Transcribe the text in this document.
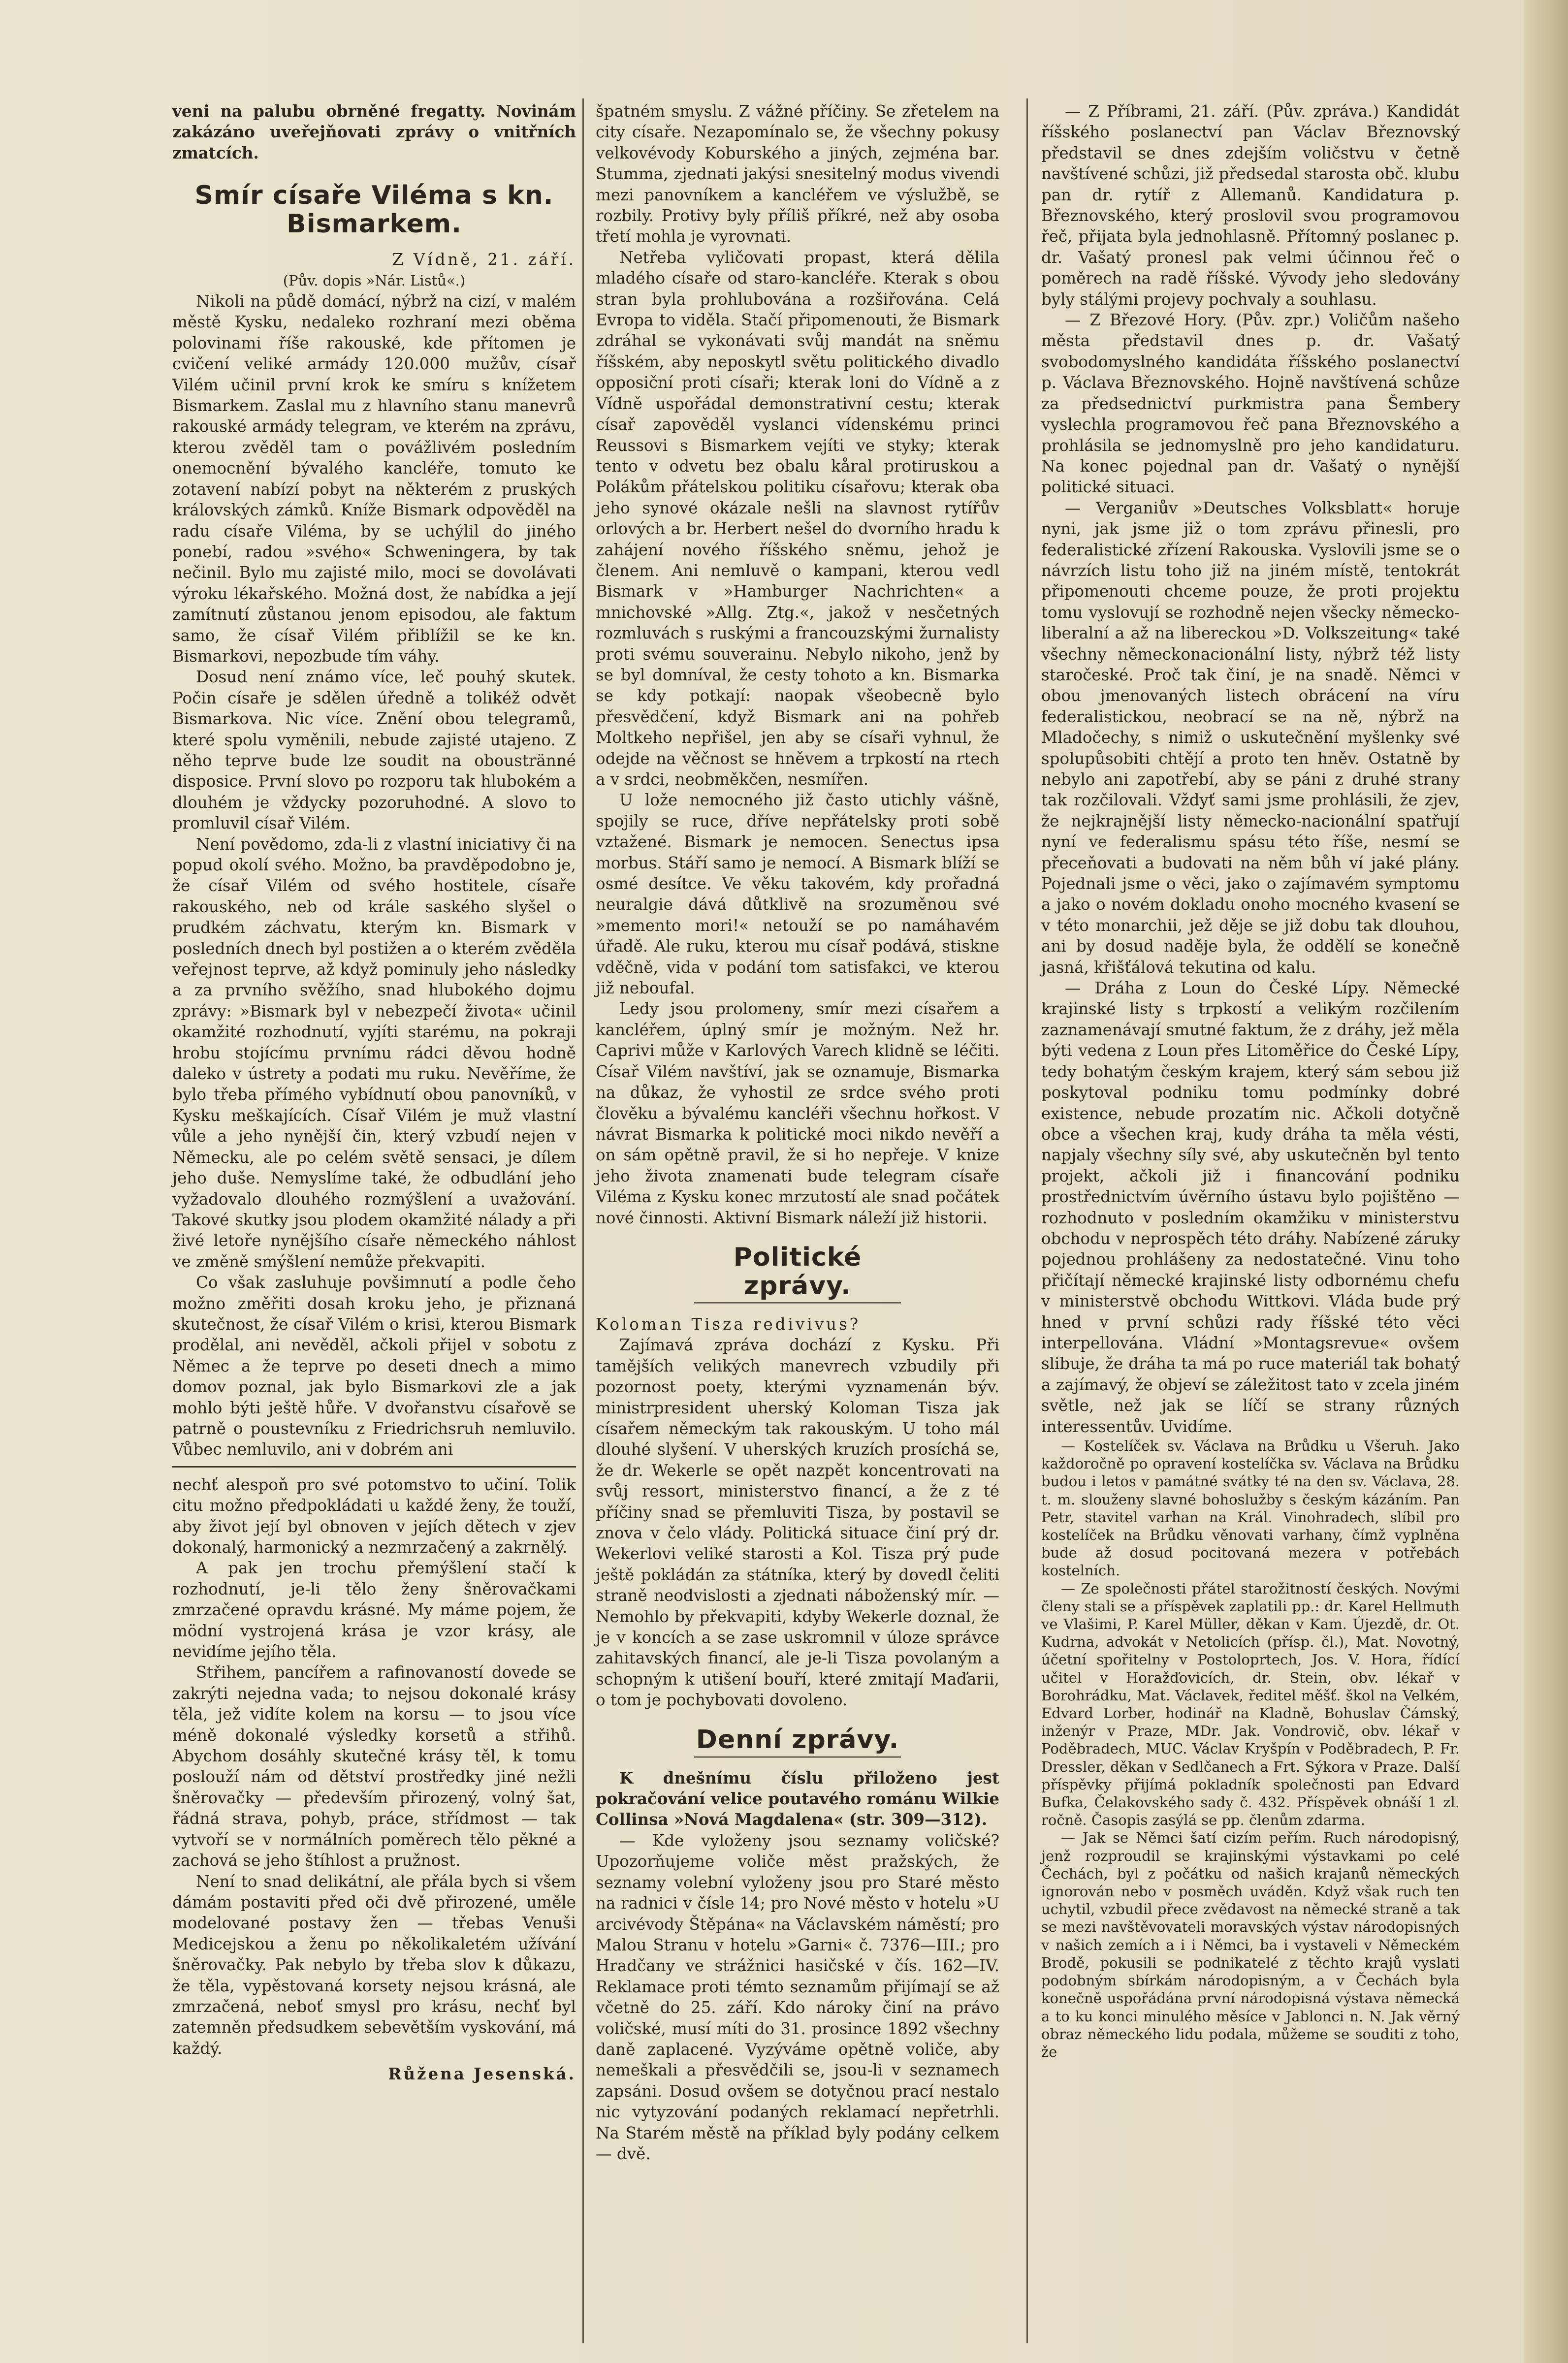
veni na palubu obrněné fregatty. Novinám zakázáno uveřejňovati zprávy o vnitřních zmatcích.

Smír císaře Viléma s kn. Bismarkem.

Z Vídně, 21. září.

(Pův. dopis »Nár. Listů«.)

Nikoli na půdě domácí, nýbrž na cizí, v malém městě Kysku, nedaleko rozhraní mezi oběma polovinami říše rakouské, kde přítomen je cvičení veliké armády 120.000 mužův, císař Vilém učinil první krok ke smíru s knížetem Bismarkem. Zaslal mu z hlavního stanu manevrů rakouské armády telegram, ve kterém na zprávu, kterou zvěděl tam o povážlivém posledním onemocnění bývalého kancléře, tomuto ke zotavení nabízí pobyt na některém z pruských královských zámků. Kníže Bismark odpověděl na radu císaře Viléma, by se uchýlil do jiného ponebí, radou »svého« Schweningera, by tak nečinil. Bylo mu zajisté milo, moci se dovolávati výroku lékařského. Možná dost, že nabídka a její zamítnutí zůstanou jenom episodou, ale faktum samo, že císař Vilém přiblížil se ke kn. Bismarkovi, nepozbude tím váhy.

Dosud není známo více, leč pouhý skutek. Počin císaře je sdělen úředně a tolikéž odvět Bismarkova. Nic více. Znění obou telegramů, které spolu vyměnili, nebude zajisté utajeno. Z něho teprve bude lze soudit na oboustränné disposice. První slovo po rozporu tak hlubokém a dlouhém je vždycky pozoruhodné. A slovo to promluvil císař Vilém.

Není povědomo, zda-li z vlastní iniciativy či na popud okolí svého. Možno, ba pravděpodobno je, že císař Vilém od svého hostitele, císaře rakouského, neb od krále saského slyšel o prudkém záchvatu, kterým kn. Bismark v posledních dnech byl postižen a o kterém zvěděla veřejnost teprve, až když pominuly jeho následky a za prvního svěžího, snad hlubokého dojmu zprávy: »Bismark byl v nebezpečí života« učinil okamžité rozhodnutí, vyjíti starému, na pokraji hrobu stojícímu prvnímu rádci děvou hodně daleko v ústrety a podati mu ruku. Nevěříme, že bylo třeba přímého vybídnutí obou panovníků, v Kysku meškajících. Císař Vilém je muž vlastní vůle a jeho nynější čin, který vzbudí nejen v Německu, ale po celém světě sensaci, je dílem jeho duše. Nemyslíme také, že odbudlání jeho vyžadovalo dlouhého rozmýšlení a uvažování. Takové skutky jsou plodem okamžité nálady a při živé letoře nynějšího císaře německého náhlost ve změně smýšlení nemůže překvapiti.

Co však zasluhuje povšimnutí a podle čeho možno změřiti dosah kroku jeho, je přiznaná skutečnost, že císař Vilém o krisi, kterou Bismark prodělal, ani nevěděl, ačkoli přijel v sobotu z Němec a že teprve po deseti dnech a mimo domov poznal, jak bylo Bismarkovi zle a jak mohlo býti ještě hůře. V dvořanstvu císařově se patrně o poustevníku z Friedrichsruh nemluvilo. Vůbec nemluvilo, ani v dobrém ani

nechť alespoň pro své potomstvo to učiní. Tolik citu možno předpokládati u každé ženy, že touží, aby život její byl obnoven v jejích dětech v zjev dokonalý, harmonický a nezmrzačený a zakrnělý.

A pak jen trochu přemýšlení stačí k rozhodnutí, je-li tělo ženy šněrovačkami zmrzačené opravdu krásné. My máme pojem, že mödní vystrojená krása je vzor krásy, ale nevidíme jejího těla.

Střihem, pancířem a rafinovaností dovede se zakrýti nejedna vada; to nejsou dokonalé krásy těla, jež vidíte kolem na korsu — to jsou více méně dokonalé výsledky korsetů a střihů. Abychom dosáhly skutečné krásy těl, k tomu poslouží nám od dětství prostředky jiné nežli šněrovačky — především přirozený, volný šat, řádná strava, pohyb, práce, střídmost — tak vytvoří se v normálních poměrech tělo pěkné a zachová se jeho štíhlost a pružnost.

Není to snad delikátní, ale přála bych si všem dámám postaviti před oči dvě přirozené, uměle modelované postavy žen — třebas Venuši Medicejskou a ženu po několikaletém užívání šněrovačky. Pak nebylo by třeba slov k důkazu, že těla, vypěstovaná korsety nejsou krásná, ale zmrzačená, neboť smysl pro krásu, nechť byl zatemněn předsudkem sebevětším vyskování, má každý.

Růžena Jesenská.

špatném smyslu. Z vážné příčiny. Se zřetelem na city císaře. Nezapomínalo se, že všechny pokusy velkovévody Koburského a jiných, zejména bar. Stumma, zjednati jakýsi snesitelný modus vivendi mezi panovníkem a kancléřem ve výslužbě, se rozbily. Protivy byly příliš příkré, než aby osoba třetí mohla je vyrovnati.

Netřeba vyličovati propast, která dělila mladého císaře od staro-kancléře. Kterak s obou stran byla prohlubována a rozšiřována. Celá Evropa to viděla. Stačí připomenouti, že Bismark zdráhal se vykonávati svůj mandát na sněmu říšském, aby neposkytl světu politického divadlo opposiční proti císaři; kterak loni do Vídně a z Vídně uspořádal demonstrativní cestu; kterak císař zapověděl vyslanci vídenskému princi Reussovi s Bismarkem vejíti ve styky; kterak tento v odvetu bez obalu kåral protiruskou a Polákům přátelskou politiku císařovu; kterak oba jeho synové okázale nešli na slavnost rytířův orlových a br. Herbert nešel do dvorního hradu k zahájení nového říšského sněmu, jehož je členem. Ani nemluvě o kampani, kterou vedl Bismark v »Hamburger Nachrichten« a mnichovské »Allg. Ztg.«, jakož v nesčetných rozmluvách s ruskými a francouzskými žurnalisty proti svému souverainu. Nebylo nikoho, jenž by se byl domníval, že cesty tohoto a kn. Bismarka se kdy potkají: naopak všeobecně bylo přesvědčení, když Bismark ani na pohřeb Moltkeho nepřišel, jen aby se císaři vyhnul, že odejde na věčnost se hněvem a trpkostí na rtech a v srdci, neobměkčen, nesmířen.

U lože nemocného již často utichly vášně, spojily se ruce, dříve nepřátelsky proti sobě vztažené. Bismark je nemocen. Senectus ipsa morbus. Stáří samo je nemocí. A Bismark blíží se osmé desítce. Ve věku takovém, kdy prořadná neuralgie dává důtklivě na srozuměnou své »memento mori!« netouží se po namáhavém úřadě. Ale ruku, kterou mu císař podává, stiskne vděčně, vida v podání tom satisfakci, ve kterou již neboufal.

Ledy jsou prolomeny, smír mezi císařem a kancléřem, úplný smír je možným. Než hr. Caprivi může v Karlových Varech klidně se léčiti. Císař Vilém navštíví, jak se oznamuje, Bismarka na důkaz, že vyhostil ze srdce svého proti člověku a bývalému kancléři všechnu hořkost. V návrat Bismarka k politické moci nikdo nevěří a on sám opětně pravil, že si ho nepřeje. V knize jeho života znamenati bude telegram císaře Viléma z Kysku konec mrzutostí ale snad počátek nové činnosti. Aktivní Bismark náleží již historii.

Politické zprávy.

Koloman Tisza redivivus?

Zajímavá zpráva dochází z Kysku. Při tamějších velikých manevrech vzbudily při pozornost poety, kterými vyznamenán býv. ministrpresident uherský Koloman Tisza jak císařem německým tak rakouským. U toho mál dlouhé slyšení. V uherských kruzích prosíchá se, že dr. Wekerle se opět nazpět koncentrovati na svůj ressort, ministerstvo financí, a že z té příčiny snad se přemluviti Tisza, by postavil se znova v čelo vlády. Politická situace činí prý dr. Wekerlovi veliké starosti a Kol. Tisza prý pude ještě pokládán za státníka, který by dovedl čeliti straně neodvislosti a zjednati náboženský mír. — Nemohlo by překvapiti, kdyby Wekerle doznal, že je v koncích a se zase uskromnil v úloze správce zahitavských financí, ale je-li Tisza povolaným a schopným k utišení bouří, které zmitají Maďarii, o tom je pochybovati dovoleno.

Denní zprávy.

K dnešnímu číslu přiloženo jest pokračování velice poutavého románu Wilkie Collinsa »Nová Magdalena« (str. 309—312).

— Kde vyloženy jsou seznamy voličské? Upozorňujeme voliče měst pražských, že seznamy volební vyloženy jsou pro Staré město na radnici v čísle 14; pro Nové město v hotelu »U arcivévody Štěpána« na Václavském náměstí; pro Malou Stranu v hotelu »Garni« č. 7376—III.; pro Hradčany ve strážnici hasičské v čís. 162—IV. Reklamace proti témto seznamům přijímají se až včetně do 25. září. Kdo nároky činí na právo voličské, musí míti do 31. prosince 1892 všechny daně zaplacené. Vyzýváme opětně voliče, aby nemeškali a přesvědčili se, jsou-li v seznamech zapsáni. Dosud ovšem se dotyčnou prací nestalo nic vytyzování podaných reklamací nepřetrhli. Na Starém městě na příklad byly podány celkem — dvě.

— Z Příbrami, 21. září. (Pův. zpráva.) Kandidát říšského poslanectví pan Václav Březnovský představil se dnes zdejším voličstvu v četně navštívené schůzi, již předsedal starosta obč. klubu pan dr. rytíř z Allemanů. Kandidatura p. Březnovského, který proslovil svou programovou řeč, přijata byla jednohlasně. Přítomný poslanec p. dr. Vašatý pronesl pak velmi účinnou řeč o poměrech na radě říšské. Vývody jeho sledovány byly stálými projevy pochvaly a souhlasu.

— Z Březové Hory. (Pův. zpr.) Voličům našeho města představil dnes p. dr. Vašatý svobodomyslného kandidáta říšského poslanectví p. Václava Březnovského. Hojně navštívená schůze za předsednictví purkmistra pana Šembery vyslechla programovou řeč pana Březnovského a prohlásila se jednomyslně pro jeho kandidaturu. Na konec pojednal pan dr. Vašatý o nynější politické situaci.

— Verganiův »Deutsches Volksblatt« horuje nyni, jak jsme již o tom zprávu přinesli, pro federalistické zřízení Rakouska. Vyslovili jsme se o návrzích listu toho již na jiném místě, tentokrát připomenouti chceme pouze, že proti projektu tomu vyslovují se rozhodně nejen všecky německo-liberalní a až na libereckou »D. Volkszeitung« také všechny německonacionální listy, nýbrž též listy staročeské. Proč tak činí, je na snadě. Němci v obou jmenovaných listech obrácení na víru federalistickou, neobrací se na ně, nýbrž na Mladočechy, s nimiž o uskutečnění myšlenky své spolupůsobiti chtějí a proto ten hněv. Ostatně by nebylo ani zapotřebí, aby se páni z druhé strany tak rozčilovali. Vždyť sami jsme prohlásili, že zjev, že nejkrajnější listy německo-nacionální spatřují nyní ve federalismu spásu této říše, nesmí se přeceňovati a budovati na něm bůh ví jaké plány. Pojednali jsme o věci, jako o zajímavém symptomu a jako o novém dokladu onoho mocného kvasení se v této monarchii, jež děje se již dobu tak dlouhou, ani by dosud naděje byla, že oddělí se konečně jasná, křišťálová tekutina od kalu.

— Dráha z Loun do České Lípy. Německé krajinské listy s trpkostí a velikým rozčilením zaznamenávají smutné faktum, že z dráhy, jež měla býti vedena z Loun přes Litoměřice do České Lípy, tedy bohatým českým krajem, který sám sebou již poskytoval podniku tomu podmínky dobré existence, nebude prozatím nic. Ačkoli dotyčně obce a všechen kraj, kudy dráha ta měla vésti, napjaly všechny síly své, aby uskutečněn byl tento projekt, ačkoli již i financování podniku prostřednictvím úvěrního ústavu bylo pojištěno — rozhodnuto v posledním okamžiku v ministerstvu obchodu v neprospěch této dráhy. Nabízené záruky pojednou prohlášeny za nedostatečné. Vinu toho přičítají německé krajinské listy odbornému chefu v ministerstvě obchodu Wittkovi. Vláda bude prý hned v první schůzi rady říšské této věci interpellována. Vládní »Montagsrevue« ovšem slibuje, že dráha ta má po ruce materiál tak bohatý a zajímavý, že objeví se záležitost tato v zcela jiném světle, než jak se líčí se strany různých interessentův. Uvidíme.

— Kostelíček sv. Václava na Brůdku u Všeruh. Jako každoročně po opravení kostelíčka sv. Václava na Brůdku budou i letos v památné svátky té na den sv. Václava, 28. t. m. slouženy slavné bohoslužby s českým kázáním. Pan Petr, stavitel varhan na Král. Vinohradech, slíbil pro kostelíček na Brůdku věnovati varhany, čímž vyplněna bude až dosud pocitovaná mezera v potřebách kostelních.

— Ze společnosti přátel starožitností českých. Novými členy stali se a příspěvek zaplatili pp.: dr. Karel Hellmuth ve Vlašimi, P. Karel Müller, děkan v Kam. Újezdě, dr. Ot. Kudrna, advokát v Netolicích (přísp. čl.), Mat. Novotný, účetní spořitelny v Postoloprtech, Jos. V. Hora, řídící učitel v Horažďovicích, dr. Stein, obv. lékař v Borohrádku, Mat. Václavek, ředitel měšť. škol na Velkém, Edvard Lorber, hodinář na Kladně, Bohuslav Čámský, inženýr v Praze, MDr. Jak. Vondrovič, obv. lékař v Poděbradech, MUC. Václav Kryšpín v Poděbradech, P. Fr. Dressler, děkan v Sedlčanech a Frt. Sýkora v Praze. Další příspěvky přijímá pokladník společnosti pan Edvard Bufka, Čelakovského sady č. 432. Příspěvek obnáší 1 zl. ročně. Časopis zasýlá se pp. členům zdarma.

— Jak se Němci šatí cizím peřím. Ruch národopisný, jenž rozproudil se krajinskými výstavkami po celé Čechách, byl z počátku od našich krajanů německých ignorován nebo v posměch uváděn. Když však ruch ten uchytil, vzbudil přece zvědavost na německé straně a tak se mezi navštěvovateli moravských výstav národopisných v našich zemích a i i Němci, ba i vystaveli v Německém Brodě, pokusili se podnikatelé z těchto krajů vyslati podobným sbírkám národopisným, a v Čechách byla konečně uspořádána první národopisná výstava německá a to ku konci minulého měsíce v Jablonci n. N. Jak věrný obraz německého lidu podala, můžeme se souditi z toho, že
